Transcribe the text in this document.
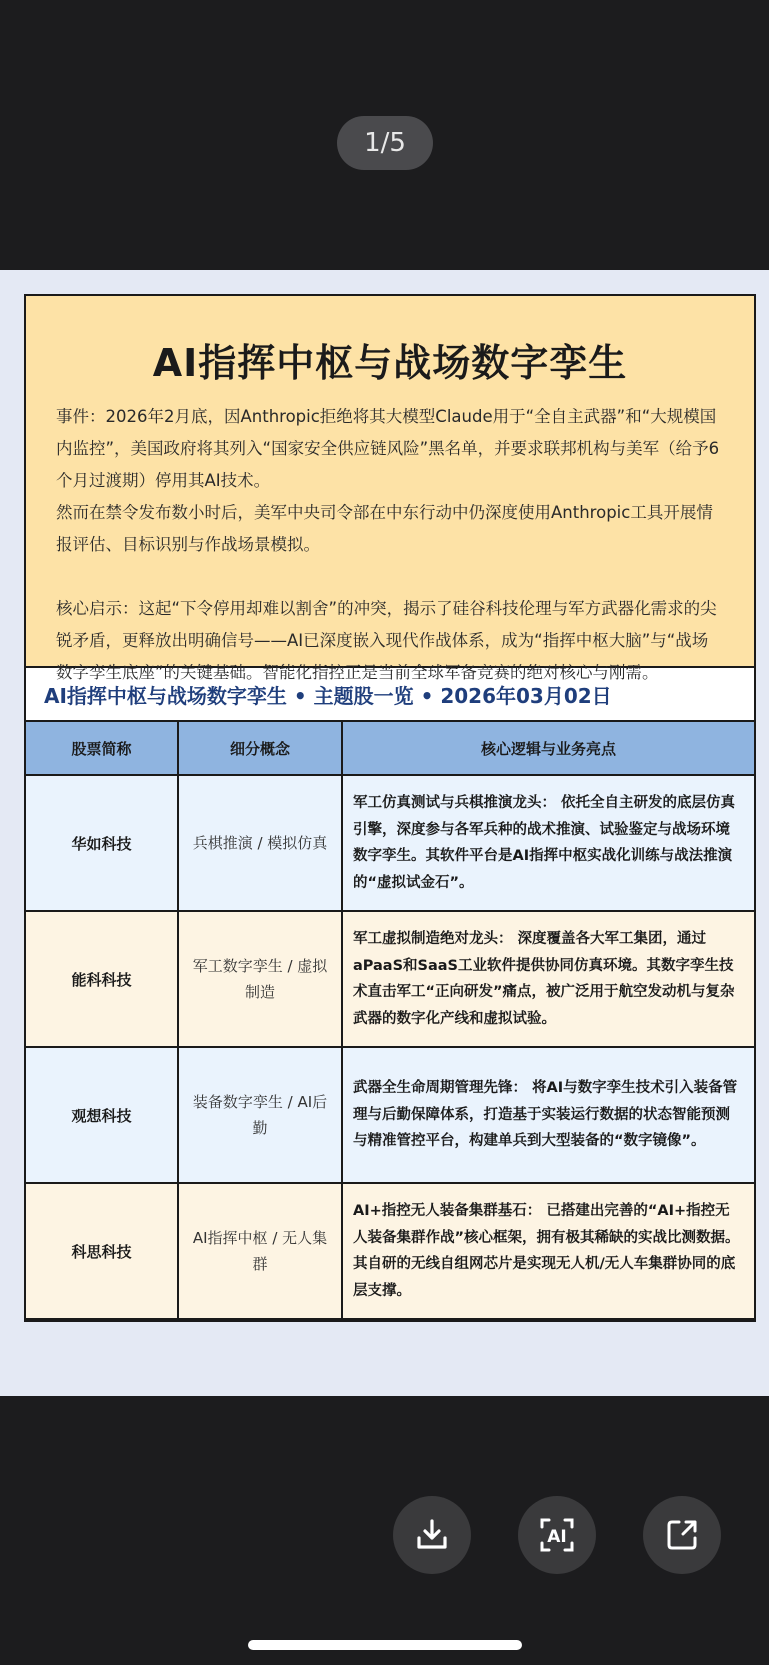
1/5
AI指挥中枢与战场数字孪生

事件：2026年2月底，因Anthropic拒绝将其大模型Claude用于“全自主武器”和“大规模国内监控”，美国政府将其列入“国家安全供应链风险”黑名单，并要求联邦机构与美军（给予6个月过渡期）停用其AI技术。

然而在禁令发布数小时后，美军中央司令部在中东行动中仍深度使用Anthropic工具开展情报评估、目标识别与作战场景模拟。

核心启示：这起“下令停用却难以割舍”的冲突，揭示了硅谷科技伦理与军方武器化需求的尖锐矛盾，更释放出明确信号——AI已深度嵌入现代作战体系，成为“指挥中枢大脑”与“战场数字孪生底座”的关键基础。智能化指控正是当前全球军备竞赛的绝对核心与刚需。

AI指挥中枢与战场数字孪生 • 主题股一览 • 2026年03月02日
股票简称	细分概念	核心逻辑与业务亮点
华如科技	兵棋推演 / 模拟仿真	军工仿真测试与兵棋推演龙头： 依托全自主研发的底层仿真引擎，深度参与各军兵种的战术推演、试验鉴定与战场环境数字孪生。其软件平台是AI指挥中枢实战化训练与战法推演的“虚拟试金石”。
能科科技	军工数字孪生 / 虚拟制造	军工虚拟制造绝对龙头： 深度覆盖各大军工集团，通过aPaaS和SaaS工业软件提供协同仿真环境。其数字孪生技术直击军工“正向研发”痛点，被广泛用于航空发动机与复杂武器的数字化产线和虚拟试验。
观想科技	装备数字孪生 / AI后勤	武器全生命周期管理先锋： 将AI与数字孪生技术引入装备管理与后勤保障体系，打造基于实装运行数据的状态智能预测与精准管控平台，构建单兵到大型装备的“数字镜像”。
科思科技	AI指挥中枢 / 无人集群	AI+指控无人装备集群基石： 已搭建出完善的“AI+指控无人装备集群作战”核心框架，拥有极其稀缺的实战比测数据。其自研的无线自组网芯片是实现无人机/无人车集群协同的底层支撑。
AI
